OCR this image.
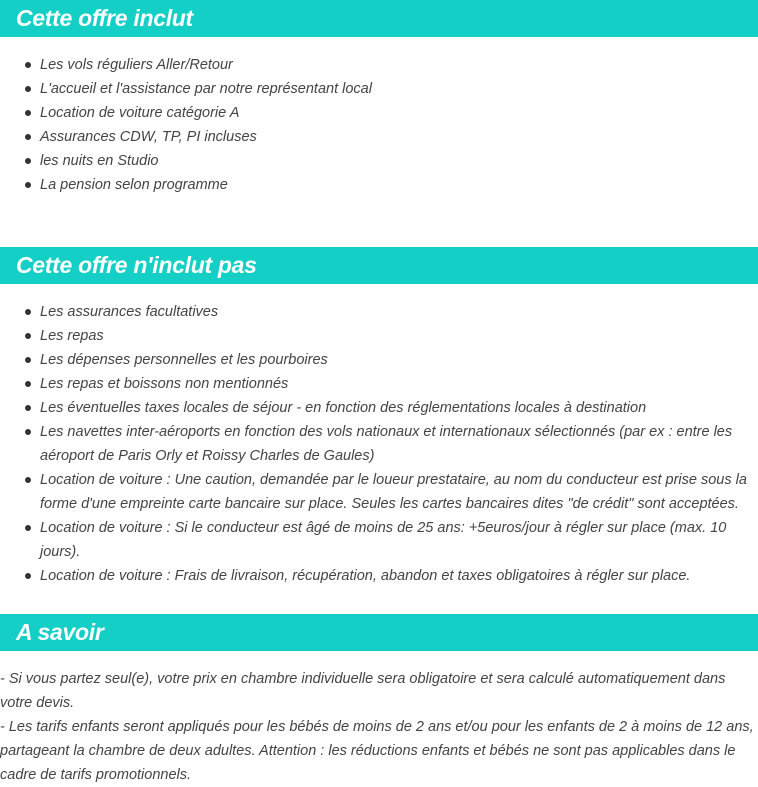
Cette offre inclut
Les vols réguliers Aller/Retour
L'accueil et l'assistance par notre représentant local
Location de voiture catégorie A
Assurances CDW, TP, PI incluses
les nuits en Studio
La pension selon programme
Cette offre n'inclut pas
Les assurances facultatives
Les repas
Les dépenses personnelles et les pourboires
Les repas et boissons non mentionnés
Les éventuelles taxes locales de séjour - en fonction des réglementations locales à destination
Les navettes inter-aéroports en fonction des vols nationaux et internationaux sélectionnés (par ex : entre les aéroport de Paris Orly et Roissy Charles de Gaules)
Location de voiture : Une caution, demandée par le loueur prestataire, au nom du conducteur est prise sous la forme d'une empreinte carte bancaire sur place. Seules les cartes bancaires dites "de crédit" sont acceptées.
Location de voiture : Si le conducteur est âgé de moins de 25 ans: +5euros/jour à régler sur place (max. 10 jours).
Location de voiture : Frais de livraison, récupération, abandon et taxes obligatoires à régler sur place.
A savoir

- Si vous partez seul(e), votre prix en chambre individuelle sera obligatoire et sera calculé automatiquement dans votre devis.

- Les tarifs enfants seront appliqués pour les bébés de moins de 2 ans et/ou pour les enfants de 2 à moins de 12 ans, partageant la chambre de deux adultes. Attention : les réductions enfants et bébés ne sont pas applicables dans le cadre de tarifs promotionnels.
